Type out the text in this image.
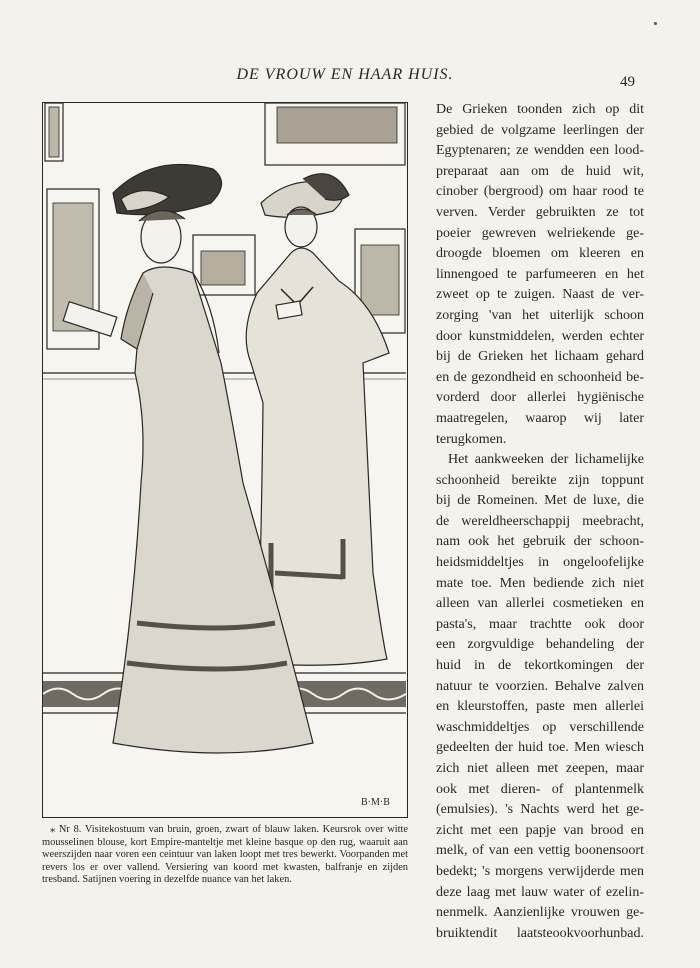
DE VROUW EN HAAR HUIS.	49
B·M·B

⁎ Nr 8. Visitekostuum van bruin, groen, zwart of blauw laken. Keursrok over witte mousselinen blouse, kort Empire-manteltje met kleine basque op den rug, waaruit aan weerszijden naar voren een ceintuur van laken loopt met tres bewerkt. Voorpanden met revers los er over vallend. Versiering van koord met kwasten, balfranje en zijden tresband. Satijnen voering in dezelfde nuance van het laken.

De Grieken toonden zich op dit
gebied de volgzame leerlingen der
Egyptenaren; ze wendden een lood-
preparaat aan om de huid wit,
cinober (bergrood) om haar rood te
verven. Verder gebruikten ze tot
poeier gewreven welriekende ge-
droogde bloemen om kleeren en
linnengoed te parfumeeren en het
zweet op te zuigen. Naast de ver-
zorging 'van het uiterlijk schoon
door kunstmiddelen, werden echter
bij de Grieken het lichaam gehard
en de gezondheid en schoonheid be-
vorderd door allerlei hygiënische
maatregelen, waarop wij later
terugkomen.

Het aankweeken der lichamelijke
schoonheid bereikte zijn toppunt
bij de Romeinen. Met de luxe, die
de wereldheerschappij meebracht,
nam ook het gebruik der schoon-
heidsmiddeltjes in ongeloofelijke
mate toe. Men bediende zich niet
alleen van allerlei cosmetieken en
pasta's, maar trachtte ook door
een zorgvuldige behandeling der
huid in de tekortkomingen der
natuur te voorzien. Behalve zalven
en kleurstoffen, paste men allerlei
waschmiddeltjes op verschillende
gedeelten der huid toe. Men wiesch
zich niet alleen met zeepen, maar
ook met dieren- of plantenmelk
(emulsies). 's Nachts werd het ge-
zicht met een papje van brood en
melk, of van een vettig boonensoort
bedekt; 's morgens verwijderde men
deze laag met lauw water of ezelin-
nenmelk. Aanzienlijke vrouwen ge-
bruiktendit laatsteookvoorhunbad.
